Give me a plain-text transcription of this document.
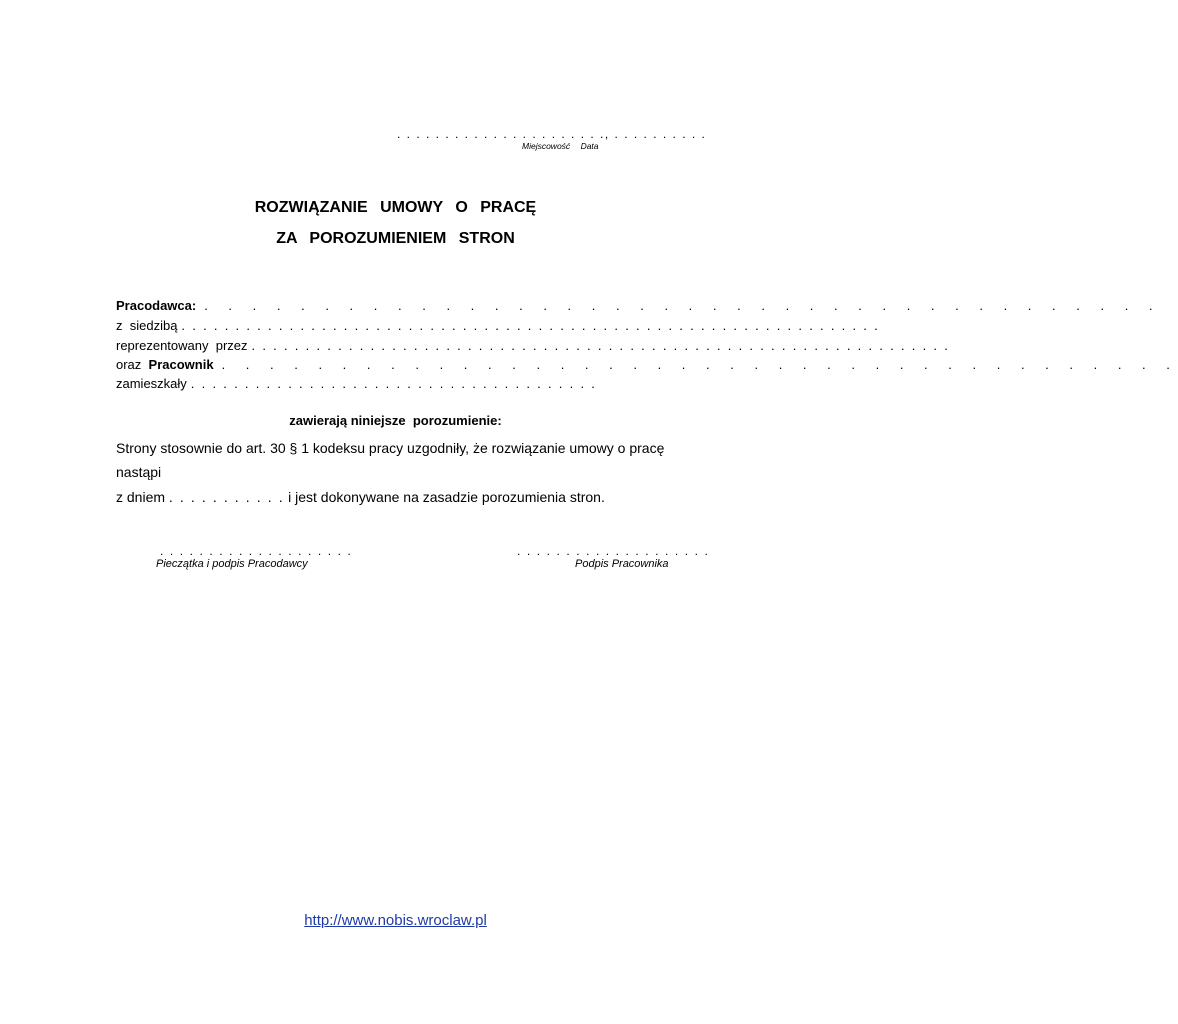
. . . . . . . . . . . . . . . . . . . . . ., . . . . . . . . . .
Miejscowość Data
ROZWIĄZANIE UMOWY O PRACĘ
ZA POROZUMIENIEM STRON
Pracodawca: . . . . . . . . . . . . . . . . . . . . . . . . . . . . . . . . . . . . . . . .
z  siedzibą . . . . . . . . . . . . . . . . . . . . . . . . . . . . . . . . . . . . . . . . . . . . . . . . . . . . . . . . . . . . . . . . .
reprezentowany  przez . . . . . . . . . . . . . . . . . . . . . . . . . . . . . . . . . . . . . . . . . . . . . . . . . . . . . . . . . . . . . . . . .
oraz Pracownik . . . . . . . . . . . . . . . . . . . . . . . . . . . . . . . . . . . . . . . .
zamieszkały . . . . . . . . . . . . . . . . . . . . . . . . . . . . . . . . . . . . . .
zawierają niniejsze  porozumienie:
Strony stosownie do art. 30 § 1 kodeksu pracy uzgodniły, że rozwiązanie umowy o pracę
nastąpi
z dniem . . . . . . . . . . . i jest dokonywane na zasadzie porozumienia stron.
. . . . . . . . . . . . . . . . . . . .
Pieczątka i podpis Pracodawcy
. . . . . . . . . . . . . . . . . . . .
Podpis Pracownika
http://www.nobis.wroclaw.pl
